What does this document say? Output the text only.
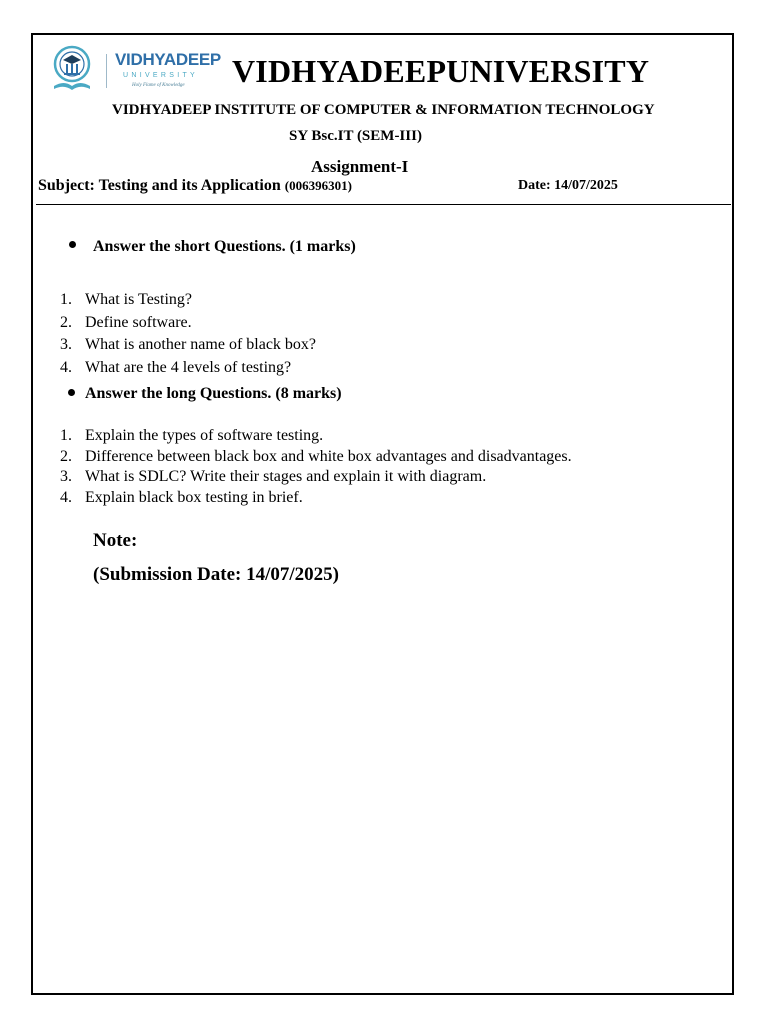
VIDHYADEEP
UNIVERSITY
Holy Flame of Knowledge VIDHYADEEPUNIVERSITY
VIDHYADEEP INSTITUTE OF COMPUTER & INFORMATION TECHNOLOGY
SY Bsc.IT (SEM-III)
Assignment-I
Subject: Testing and its Application (006396301)	Date: 14/07/2025
Answer the short Questions. (1 marks)
1. What is Testing?
2. Define software.
3. What is another name of black box?
4. What are the 4 levels of testing?
Answer the long Questions. (8 marks)
1. Explain the types of software testing.
2. Difference between black box and white box advantages and disadvantages.
3. What is SDLC? Write their stages and explain it with diagram.
4. Explain black box testing in brief.
Note:
(Submission Date: 14/07/2025)
